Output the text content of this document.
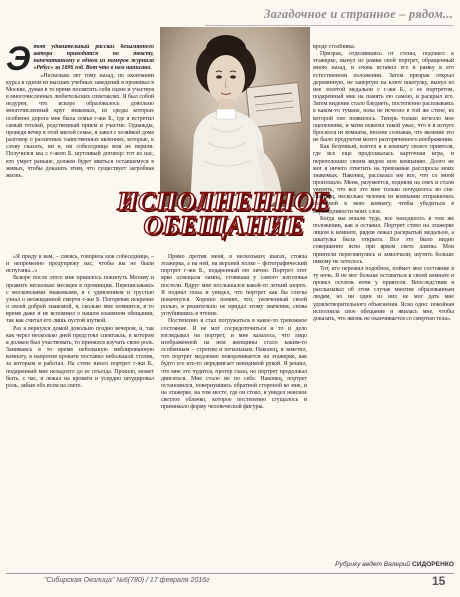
Загадочное и странное – рядом...

Этот удивительный рассказ безымянного автора приводится по тексту, напечатанному в одном из номеров журнала «Ребус» за 1896 год. Вот что в нем написано.

«Несколько лет тому назад, по окончании курса в одном из высших учебных заведений я проживал в Москве, думая в то время посвятить себя сцене и участвуя в многочисленных любительских спектаклях. Я был собой недурен, что вскоре образовалось довольно многочисленный круг знакомых, из среды которых особенно дорога мне была семья г-жи Б., где я встретил самый теплый, родственный прием и участие. Однажды, проведя вечер в этой милой семье, я завел с хозяйкой дома разговор о различных таинственных явлениях, которые, к слову сказать, ни я, ни собеседница моя не верили. Получился мы с г-жою Б. шутливый договор: тот из нас, кто умрет раньше, должен будет явиться оставшемуся в живых, чтобы доказать этим, что существует загробная жизнь.

ИСПОЛНЕННОЕ
ОБЕЩАНИЕ

«Я приду к вам, – смеясь, говорила моя собеседница, – и непременно предупрежу вас, чтобы вы не были испуганы...»

Вскоре после этого мне пришлось покинуть Москву и прожить несколько месяцев в провинции. Переписываясь с московскими знакомыми, я с удивлением и грустью узнал о неожиданной смерти г-жи Б. Погоревав искренне о своей доброй знакомой, я, сколько мне помнится, в то время даже и не вспомнил о нашем взаимном обещании, так как считал его лишь пустой шуткой.

Раз я вернулся домой довольно поздно вечером, и, так как через несколько дней предстоял спектакль, в котором я должен был участвовать, то принялся изучать свою роль. Занимаясь в то время небольшую меблированную комнату, я напротив кровати поставил небольшой столик, за которым я работал. На стене висел портрет г-жи Б., подаренный мне незадолго до ее отъезда. Прошло, может быть, с час, я лежал на кровати и усердно штудировал роль, забыв обо всем на свете.

Прямо против меня, в нескольких шагах, стояла этажерка, а на ней, на верхней полке – фотографический портрет г-жи Б., подаренный ею лично. Портрет этот ярко освещала лампа, стоявшая у самого изголовья постели. Вдруг мне послышался какой-то легкий шорох. Я поднял глаза и увидел, что портрет как бы слегка покачнулся. Хорошо помню, что, увлеченный своей ролью, я решительно не придал этому значения, снова углубившись в чтение.

Постепенно я стал погружаться в какое-то тревожное состояние. Я не мог сосредоточиться и то и дело взглядывал на портрет, и мне казалось, что лицо изображенной на нем женщины стало каким-то особенным – строгим и печальным. Наконец, я заметил, что портрет медленно поворачивается на этажерке, как будто его кто-то передвигает невидимой рукой. Я решил, что мне это чудится, протер глаза, но портрет продолжал двигаться. Мне стало не по себе. Наконец, портрет остановился, повернувшись обратной стороной ко мне, и на этажерке, на том месте, где он стоял, я увидел неясное светлое облачко, которое постепенно сгущалось и принимало форму человеческой фигуры.

вроде столбняка.

Призрак, отделившись от стены, подошел к этажерке, вынул из рамки свой портрет, обращенный мною назад, и снова вставил его в рамку в его естественном положении. Затем призрак открыл деревянную, не запертую на ключ шкатулку, вынул из нее золотой медальон с г-жи Б., с ее портретом, подаренный мне на память ею самою, и раскрыл его. Затем видение стало бледнеть, постепенно расплываясь в каком-то тумане, пока не исчезло в той же стене, из которой оно появилось. Теперь только исчезло мое оцепенение, и меня охватил такой ужас, что я в испуге бросился из комнаты, вполне сознавая, что явление это не было продуктом моего разгоряченного воображения.

Как безумный, влетел я в комнату своего приятеля, где все еще продолжалась карточная игра, и переполошил своим видом всю компанию. Долго не мог я ничего ответить на тревожные расспросы моих знакомых. Наконец, рассказал им все, что со мной произошло. Меня, разумеется, подняли на смех и стали уверять, что все это мне только почудилось во сне. Наконец, несколько человек из компании отправились со мной в мою комнату, чтобы убедиться в справедливости моих слов.

Когда мы вошли туда, все находилось в том же положении, как я оставил. Портрет стоял на этажерке лицом к комнате, рядом лежал раскрытый медальон, а шкатулка была открыта. Все это было видно совершенно ясно при ярком свете лампы. Мои приятели переглянулись и замолчали; шутить больше никому не хотелось.

Тот, кто пережил подобное, поймет мое состояние в ту ночь. Я не мог больше оставаться в своей комнате и провел остаток ночи у приятеля. Впоследствии я рассказывал об этом случае многим образованным людям, но ни один из них не мог дать мне удовлетворительного объяснения. Ясно одно: покойная исполнила свое обещание и явилась мне, чтобы доказать, что жизнь не оканчивается со смертью тела».

Рубрику ведет Валерий СИДОРЕНКО
"Сибирская Околица" №6(780) / 17 февраля 2016г	15
